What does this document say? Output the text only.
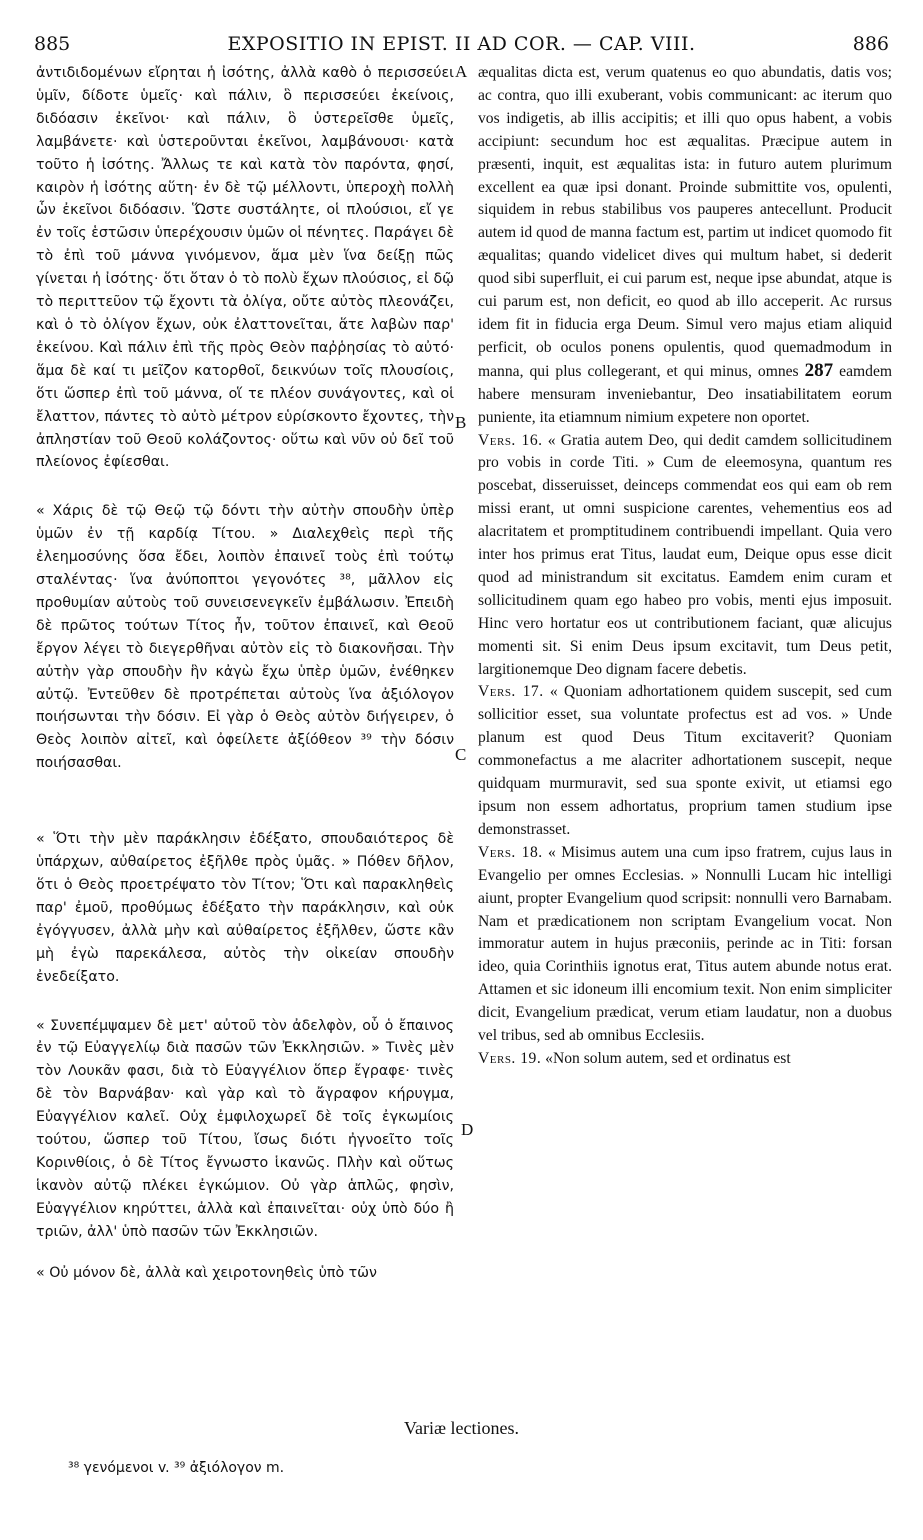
885	EXPOSITIO IN EPIST. II AD COR. — CAP. VIII.	886

ἀντιδιδομένων εἴρηται ἡ ἰσότης, ἀλλὰ καθὸ ὁ περισσεύει ὑμῖν, δίδοτε ὑμεῖς· καὶ πάλιν, ὃ περισσεύει ἐκείνοις, διδόασιν ἐκεῖνοι· καὶ πάλιν, ὃ ὑστερεῖσθε ὑμεῖς, λαμβάνετε· καὶ ὑστεροῦνται ἐκεῖνοι, λαμβάνουσι· κατὰ τοῦτο ἡ ἰσότης. Ἄλλως τε καὶ κατὰ τὸν παρόντα, φησί, καιρὸν ἡ ἰσότης αὕτη· ἐν δὲ τῷ μέλλοντι, ὑπεροχὴ πολλὴ ὧν ἐκεῖνοι διδόασιν. Ὥστε συστάλητε, οἱ πλούσιοι, εἴ γε ἐν τοῖς ἑστῶσιν ὑπερέχουσιν ὑμῶν οἱ πένητες. Παράγει δὲ τὸ ἐπὶ τοῦ μάννα γινόμενον, ἅμα μὲν ἵνα δείξῃ πῶς γίνεται ἡ ἰσότης· ὅτι ὅταν ὁ τὸ πολὺ ἔχων πλούσιος, εἰ δῷ τὸ περιττεῦον τῷ ἔχοντι τὰ ὀλίγα, οὔτε αὐτὸς πλεονάζει, καὶ ὁ τὸ ὀλίγον ἔχων, οὐκ ἐλαττονεῖται, ἅτε λαβὼν παρ' ἐκείνου. Καὶ πάλιν ἐπὶ τῆς πρὸς Θεὸν παῤῥησίας τὸ αὐτό· ἅμα δὲ καί τι μεῖζον κατορθοῖ, δεικνύων τοῖς πλουσίοις, ὅτι ὥσπερ ἐπὶ τοῦ μάννα, οἵ τε πλέον συνάγοντες, καὶ οἱ ἔλαττον, πάντες τὸ αὐτὸ μέτρον εὑρίσκοντο ἔχοντες, τὴν ἀπληστίαν τοῦ Θεοῦ κολάζοντος· οὕτω καὶ νῦν οὐ δεῖ τοῦ πλείονος ἐφίεσθαι.

« Χάρις δὲ τῷ Θεῷ τῷ δόντι τὴν αὐτὴν σπουδὴν ὑπὲρ ὑμῶν ἐν τῇ καρδίᾳ Τίτου. » Διαλεχθεὶς περὶ τῆς ἐλεημοσύνης ὅσα ἔδει, λοιπὸν ἐπαινεῖ τοὺς ἐπὶ τούτῳ σταλέντας· ἵνα ἀνύποπτοι γεγονότες ³⁸, μᾶλλον εἰς προθυμίαν αὐτοὺς τοῦ συνεισενεγκεῖν ἐμβάλωσιν. Ἐπειδὴ δὲ πρῶτος τούτων Τίτος ἦν, τοῦτον ἐπαινεῖ, καὶ Θεοῦ ἔργον λέγει τὸ διεγερθῆναι αὐτὸν εἰς τὸ διακονῆσαι. Τὴν αὐτὴν γὰρ σπουδὴν ἣν κἀγὼ ἔχω ὑπὲρ ὑμῶν, ἐνέθηκεν αὐτῷ. Ἐντεῦθεν δὲ προτρέπεται αὐτοὺς ἵνα ἀξιόλογον ποιήσωνται τὴν δόσιν. Εἰ γὰρ ὁ Θεὸς αὐτὸν διήγειρεν, ὁ Θεὸς λοιπὸν αἰτεῖ, καὶ ὀφείλετε ἀξίόθεον ³⁹ τὴν δόσιν ποιήσασθαι.

« Ὅτι τὴν μὲν παράκλησιν ἐδέξατο, σπουδαιότερος δὲ ὑπάρχων, αὐθαίρετος ἐξῆλθε πρὸς ὑμᾶς. » Πόθεν δῆλον, ὅτι ὁ Θεὸς προετρέψατο τὸν Τίτον; Ὅτι καὶ παρακληθεὶς παρ' ἐμοῦ, προθύμως ἐδέξατο τὴν παράκλησιν, καὶ οὐκ ἐγόγγυσεν, ἀλλὰ μὴν καὶ αὐθαίρετος ἐξῆλθεν, ὥστε κἂν μὴ ἐγὼ παρεκάλεσα, αὐτὸς τὴν οἰκείαν σπουδὴν ἐνεδείξατο.

« Συνεπέμψαμεν δὲ μετ' αὐτοῦ τὸν ἀδελφὸν, οὗ ὁ ἔπαινος ἐν τῷ Εὐαγγελίῳ διὰ πασῶν τῶν Ἐκκλησιῶν. » Τινὲς μὲν τὸν Λουκᾶν φασι, διὰ τὸ Εὐαγγέλιον ὅπερ ἔγραφε· τινὲς δὲ τὸν Βαρνάβαν· καὶ γὰρ καὶ τὸ ἄγραφον κήρυγμα, Εὐαγγέλιον καλεῖ. Οὐχ ἐμφιλοχωρεῖ δὲ τοῖς ἐγκωμίοις τούτου, ὥσπερ τοῦ Τίτου, ἴσως διότι ἠγνοεῖτο τοῖς Κορινθίοις, ὁ δὲ Τίτος ἔγνωστο ἱκανῶς. Πλὴν καὶ οὕτως ἱκανὸν αὐτῷ πλέκει ἐγκώμιον. Οὐ γὰρ ἁπλῶς, φησὶν, Εὐαγγέλιον κηρύττει, ἀλλὰ καὶ ἐπαινεῖται· οὐχ ὑπὸ δύο ἢ τριῶν, ἀλλ' ὑπὸ πασῶν τῶν Ἐκκλησιῶν.

« Οὐ μόνον δὲ, ἀλλὰ καὶ χειροτονηθεὶς ὑπὸ τῶν

A
B
C
D

æqualitas dicta est, verum quatenus eo quo abundatis, datis vos; ac contra, quo illi exuberant, vobis communicant: ac iterum quo vos indigetis, ab illis accipitis; et illi quo opus habent, a vobis accipiunt: secundum hoc est æqualitas. Præcipue autem in præsenti, inquit, est æqualitas ista: in futuro autem plurimum excellent ea quæ ipsi donant. Proinde submittite vos, opulenti, siquidem in rebus stabilibus vos pauperes antecellunt. Producit autem id quod de manna factum est, partim ut indicet quomodo fit æqualitas; quando videlicet dives qui multum habet, si dederit quod sibi superfluit, ei cui parum est, neque ipse abundat, atque is cui parum est, non deficit, eo quod ab illo acceperit. Ac rursus idem fit in fiducia erga Deum. Simul vero majus etiam aliquid perficit, ob oculos ponens opulentis, quod quemadmodum in manna, qui plus collegerant, et qui minus, omnes 287 eamdem habere mensuram inveniebantur, Deo insatiabilitatem eorum puniente, ita etiamnum nimium expetere non oportet.

Vers. 16. « Gratia autem Deo, qui dedit camdem sollicitudinem pro vobis in corde Titi. » Cum de eleemosyna, quantum res poscebat, disseruisset, deinceps commendat eos qui eam ob rem missi erant, ut omni suspicione carentes, vehementius eos ad alacritatem et promptitudinem contribuendi impellant. Quia vero inter hos primus erat Titus, laudat eum, Deique opus esse dicit quod ad ministrandum sit excitatus. Eamdem enim curam et sollicitudinem quam ego habeo pro vobis, menti ejus imposuit. Hinc vero hortatur eos ut contributionem faciant, quæ alicujus momenti sit. Si enim Deus ipsum excitavit, tum Deus petit, largitionemque Deo dignam facere debetis.

Vers. 17. « Quoniam adhortationem quidem suscepit, sed cum sollicitior esset, sua voluntate profectus est ad vos. » Unde planum est quod Deus Titum excitaverit? Quoniam commonefactus a me alacriter adhortationem suscepit, neque quidquam murmuravit, sed sua sponte exivit, ut etiamsi ego ipsum non essem adhortatus, proprium tamen studium ipse demonstrasset.

Vers. 18. « Misimus autem una cum ipso fratrem, cujus laus in Evangelio per omnes Ecclesias. » Nonnulli Lucam hic intelligi aiunt, propter Evangelium quod scripsit: nonnulli vero Barnabam. Nam et prædicationem non scriptam Evangelium vocat. Non immoratur autem in hujus præconiis, perinde ac in Titi: forsan ideo, quia Corinthiis ignotus erat, Titus autem abunde notus erat. Attamen et sic idoneum illi encomium texit. Non enim simpliciter dicit, Evangelium prædicat, verum etiam laudatur, non a duobus vel tribus, sed ab omnibus Ecclesiis.

Vers. 19. «Non solum autem, sed et ordinatus est

Variæ lectiones.
³⁸ γενόμενοι v. ³⁹ ἀξιόλογον m.
